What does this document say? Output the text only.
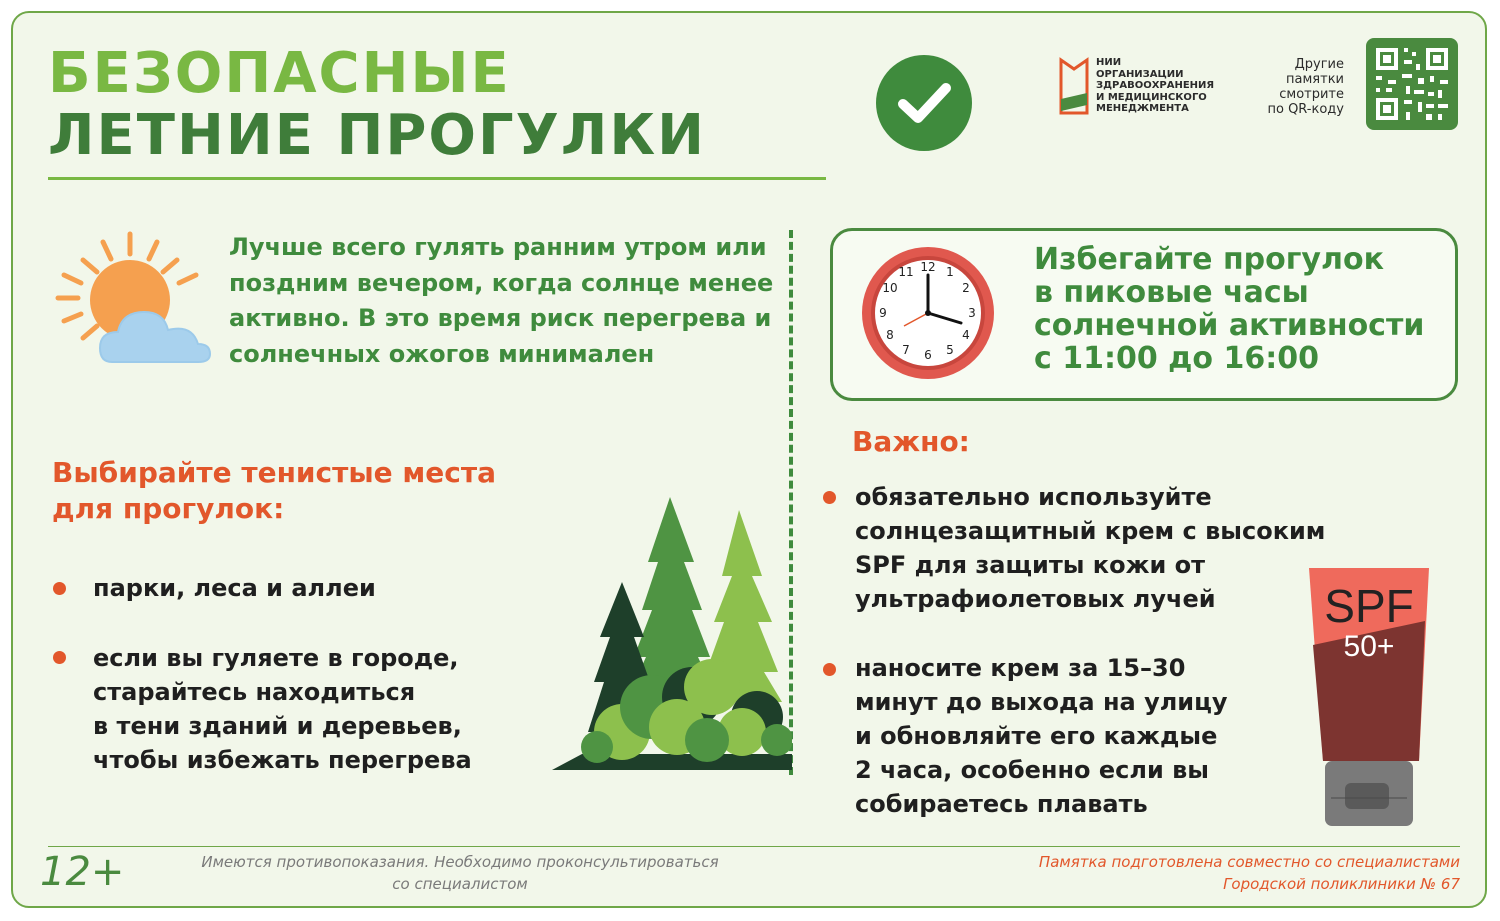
БЕЗОПАСНЫЕ
ЛЕТНИЕ ПРОГУЛКИ
НИИ
ОРГАНИЗАЦИИ
ЗДРАВООХРАНЕНИЯ
И МЕДИЦИНСКОГО
МЕНЕДЖМЕНТА
Другие
памятки
смотрите
по QR-коду
Лучше всего гулять ранним утром или поздним вечером, когда солнце менее активно. В это время риск перегрева и солнечных ожогов минимален
12 1
2
3
4
5
6
7
8
9
10
11	Избегайте прогулок
в пиковые часы
солнечной активности
с 11:00 до 16:00
Выбирайте тенистые места
для прогулок:
парки, леса и аллеи
если вы гуляете в городе,
старайтесь находиться
в тени зданий и деревьев,
чтобы избежать перегрева
Важно:
обязательно используйте
солнцезащитный крем с высоким
SPF для защиты кожи от
ультрафиолетовых лучей
наносите крем за 15–30
минут до выхода на улицу
и обновляйте его каждые
2 часа, особенно если вы
собираетесь плавать
SPF
50+
12+	Имеются противопоказания. Необходимо проконсультироваться
со специалистом
Памятка подготовлена совместно со специалистами
Городской поликлиники № 67
